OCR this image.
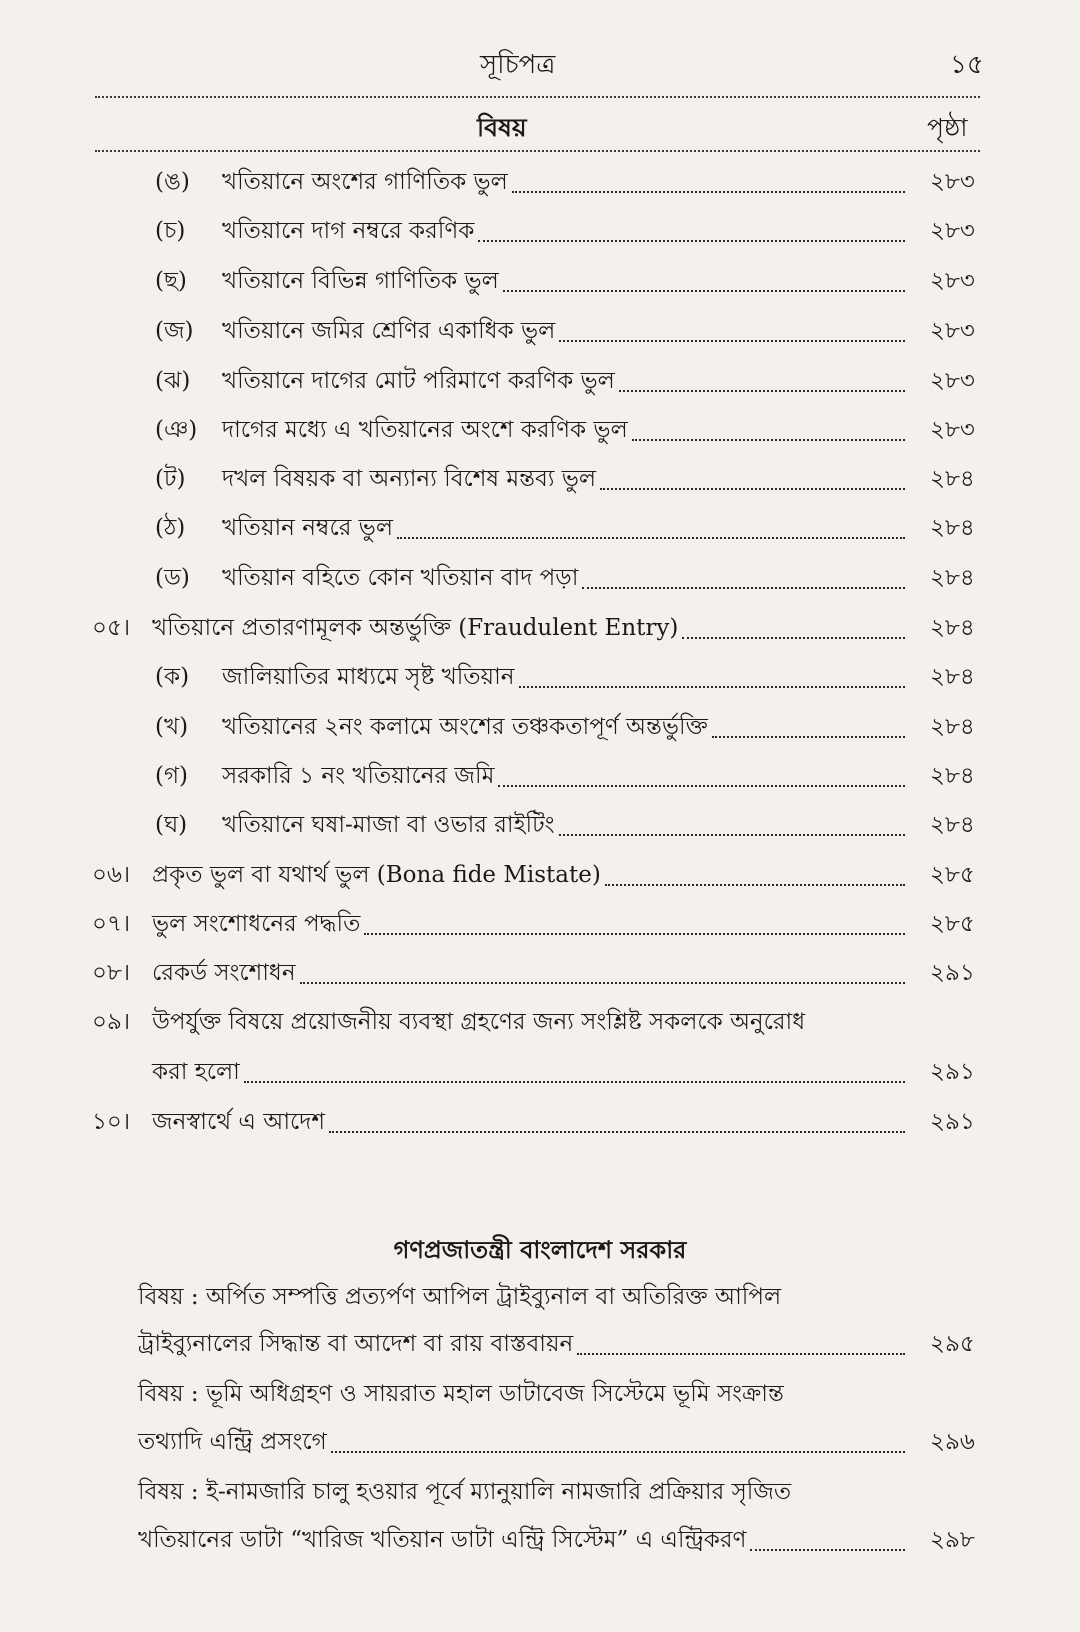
সূচিপত্র	১৫
বিষয়	পৃষ্ঠা
(ঙ) খতিয়ানে অংশের গাণিতিক ভুল	২৮৩
(চ) খতিয়ানে দাগ নম্বরে করণিক	২৮৩
(ছ) খতিয়ানে বিভিন্ন গাণিতিক ভুল	২৮৩
(জ) খতিয়ানে জমির শ্রেণির একাধিক ভুল	২৮৩
(ঝ) খতিয়ানে দাগের মোট পরিমাণে করণিক ভুল	২৮৩
(ঞ) দাগের মধ্যে এ খতিয়ানের অংশে করণিক ভুল	২৮৩
(ট) দখল বিষয়ক বা অন্যান্য বিশেষ মন্তব্য ভুল	২৮৪
(ঠ) খতিয়ান নম্বরে ভুল	২৮৪
(ড) খতিয়ান বহিতে কোন খতিয়ান বাদ পড়া	২৮৪
০৫। খতিয়ানে প্রতারণামূলক অন্তর্ভুক্তি (Fraudulent Entry)	২৮৪
(ক) জালিয়াতির মাধ্যমে সৃষ্ট খতিয়ান	২৮৪
(খ) খতিয়ানের ২নং কলামে অংশের তঞ্চকতাপূর্ণ অন্তর্ভুক্তি	২৮৪
(গ) সরকারি ১ নং খতিয়ানের জমি	২৮৪
(ঘ) খতিয়ানে ঘষা-মাজা বা ওভার রাইটিং	২৮৪
০৬। প্রকৃত ভুল বা যথার্থ ভুল (Bona fide Mistate)	২৮৫
০৭। ভুল সংশোধনের পদ্ধতি	২৮৫
০৮। রেকর্ড সংশোধন	২৯১
০৯। উপর্যুক্ত বিষয়ে প্রয়োজনীয় ব্যবস্থা গ্রহণের জন্য সংশ্লিষ্ট সকলকে অনুরোধ
করা হলো	২৯১
১০। জনস্বার্থে এ আদেশ	২৯১
গণপ্রজাতন্ত্রী বাংলাদেশ সরকার
বিষয় : অর্পিত সম্পত্তি প্রত্যর্পণ আপিল ট্রাইব্যুনাল বা অতিরিক্ত আপিল
ট্রাইব্যুনালের সিদ্ধান্ত বা আদেশ বা রায় বাস্তবায়ন	২৯৫
বিষয় : ভূমি অধিগ্রহণ ও সায়রাত মহাল ডাটাবেজ সিস্টেমে ভূমি সংক্রান্ত
তথ্যাদি এন্ট্রি প্রসংগে	২৯৬
বিষয় : ই-নামজারি চালু হওয়ার পূর্বে ম্যানুয়ালি নামজারি প্রক্রিয়ার সৃজিত
খতিয়ানের ডাটা “খারিজ খতিয়ান ডাটা এন্ট্রি সিস্টেম” এ এন্ট্রিকরণ	২৯৮
